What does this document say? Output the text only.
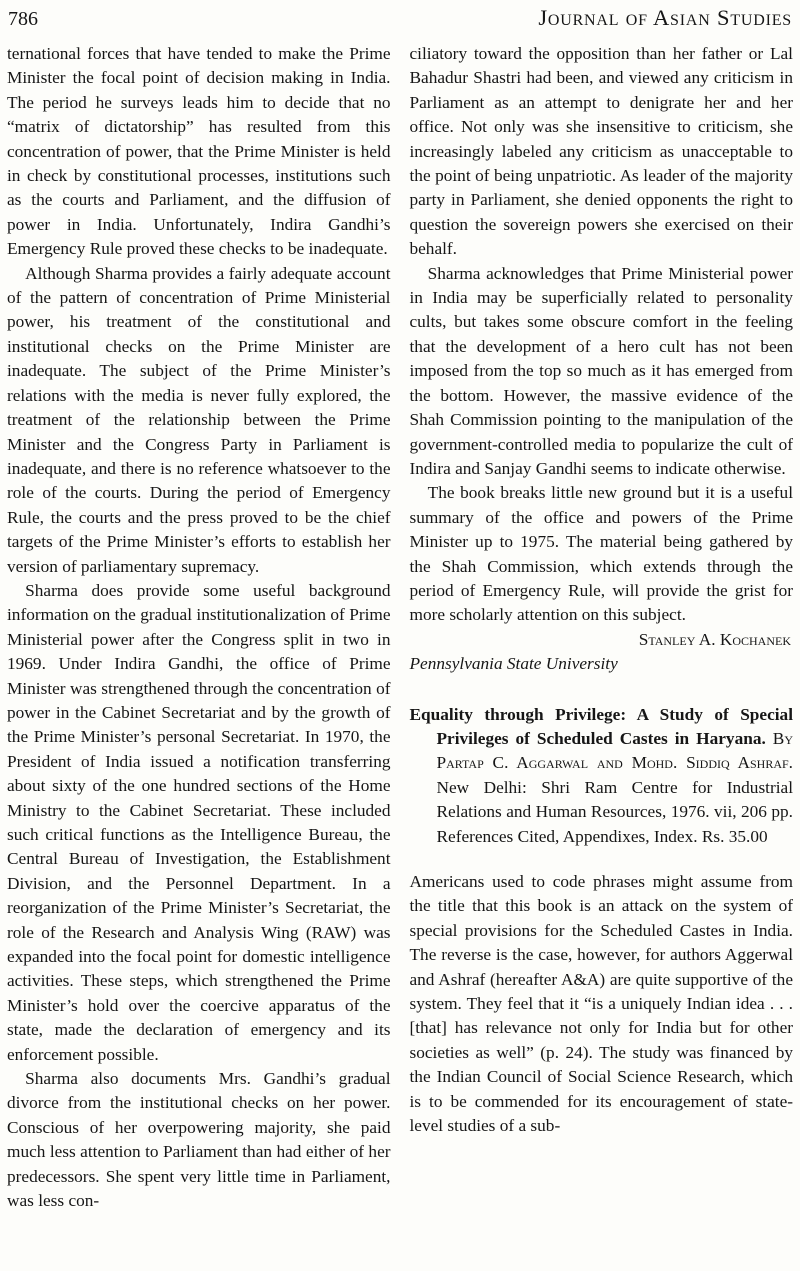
786	Journal of Asian Studies

ternational forces that have tended to make the Prime Minister the focal point of decision making in India. The period he surveys leads him to decide that no “matrix of dictatorship” has resulted from this concentration of power, that the Prime Minister is held in check by constitutional processes, institutions such as the courts and Parliament, and the diffusion of power in India. Unfortunately, Indira Gandhi’s Emergency Rule proved these checks to be inadequate.

Although Sharma provides a fairly adequate account of the pattern of concentration of Prime Ministerial power, his treatment of the constitutional and institutional checks on the Prime Minister are inadequate. The subject of the Prime Minister’s relations with the media is never fully explored, the treatment of the relationship between the Prime Minister and the Congress Party in Parliament is inadequate, and there is no reference whatsoever to the role of the courts. During the period of Emergency Rule, the courts and the press proved to be the chief targets of the Prime Minister’s efforts to establish her version of parliamentary supremacy.

Sharma does provide some useful background information on the gradual institutionalization of Prime Ministerial power after the Congress split in two in 1969. Under Indira Gandhi, the office of Prime Minister was strengthened through the concentration of power in the Cabinet Secretariat and by the growth of the Prime Minister’s personal Secretariat. In 1970, the President of India issued a notification transferring about sixty of the one hundred sections of the Home Ministry to the Cabinet Secretariat. These included such critical functions as the Intelligence Bureau, the Central Bureau of Investigation, the Establishment Division, and the Personnel Department. In a reorganization of the Prime Minister’s Secretariat, the role of the Research and Analysis Wing (RAW) was expanded into the focal point for domestic intelligence activities. These steps, which strengthened the Prime Minister’s hold over the coercive apparatus of the state, made the declaration of emergency and its enforcement possible.

Sharma also documents Mrs. Gandhi’s gradual divorce from the institutional checks on her power. Conscious of her overpowering majority, she paid much less attention to Parliament than had either of her predecessors. She spent very little time in Parliament, was less con-

ciliatory toward the opposition than her father or Lal Bahadur Shastri had been, and viewed any criticism in Parliament as an attempt to denigrate her and her office. Not only was she insensitive to criticism, she increasingly labeled any criticism as unacceptable to the point of being unpatriotic. As leader of the majority party in Parliament, she denied opponents the right to question the sovereign powers she exercised on their behalf.

Sharma acknowledges that Prime Ministerial power in India may be superficially related to personality cults, but takes some obscure comfort in the feeling that the development of a hero cult has not been imposed from the top so much as it has emerged from the bottom. However, the massive evidence of the Shah Commission pointing to the manipulation of the government-controlled media to popularize the cult of Indira and Sanjay Gandhi seems to indicate otherwise.

The book breaks little new ground but it is a useful summary of the office and powers of the Prime Minister up to 1975. The material being gathered by the Shah Commission, which extends through the period of Emergency Rule, will provide the grist for more scholarly attention on this subject.

Stanley A. Kochanek

Pennsylvania State University

Equality through Privilege: A Study of Special Privileges of Scheduled Castes in Haryana. By Partap C. Aggarwal and Mohd. Siddiq Ashraf. New Delhi: Shri Ram Centre for Industrial Relations and Human Resources, 1976. vii, 206 pp. References Cited, Appendixes, Index. Rs. 35.00

Americans used to code phrases might assume from the title that this book is an attack on the system of special provisions for the Scheduled Castes in India. The reverse is the case, however, for authors Aggerwal and Ashraf (hereafter A&A) are quite supportive of the system. They feel that it “is a uniquely Indian idea . . . [that] has relevance not only for India but for other societies as well” (p. 24). The study was financed by the Indian Council of Social Science Research, which is to be commended for its encouragement of state-level studies of a sub-
